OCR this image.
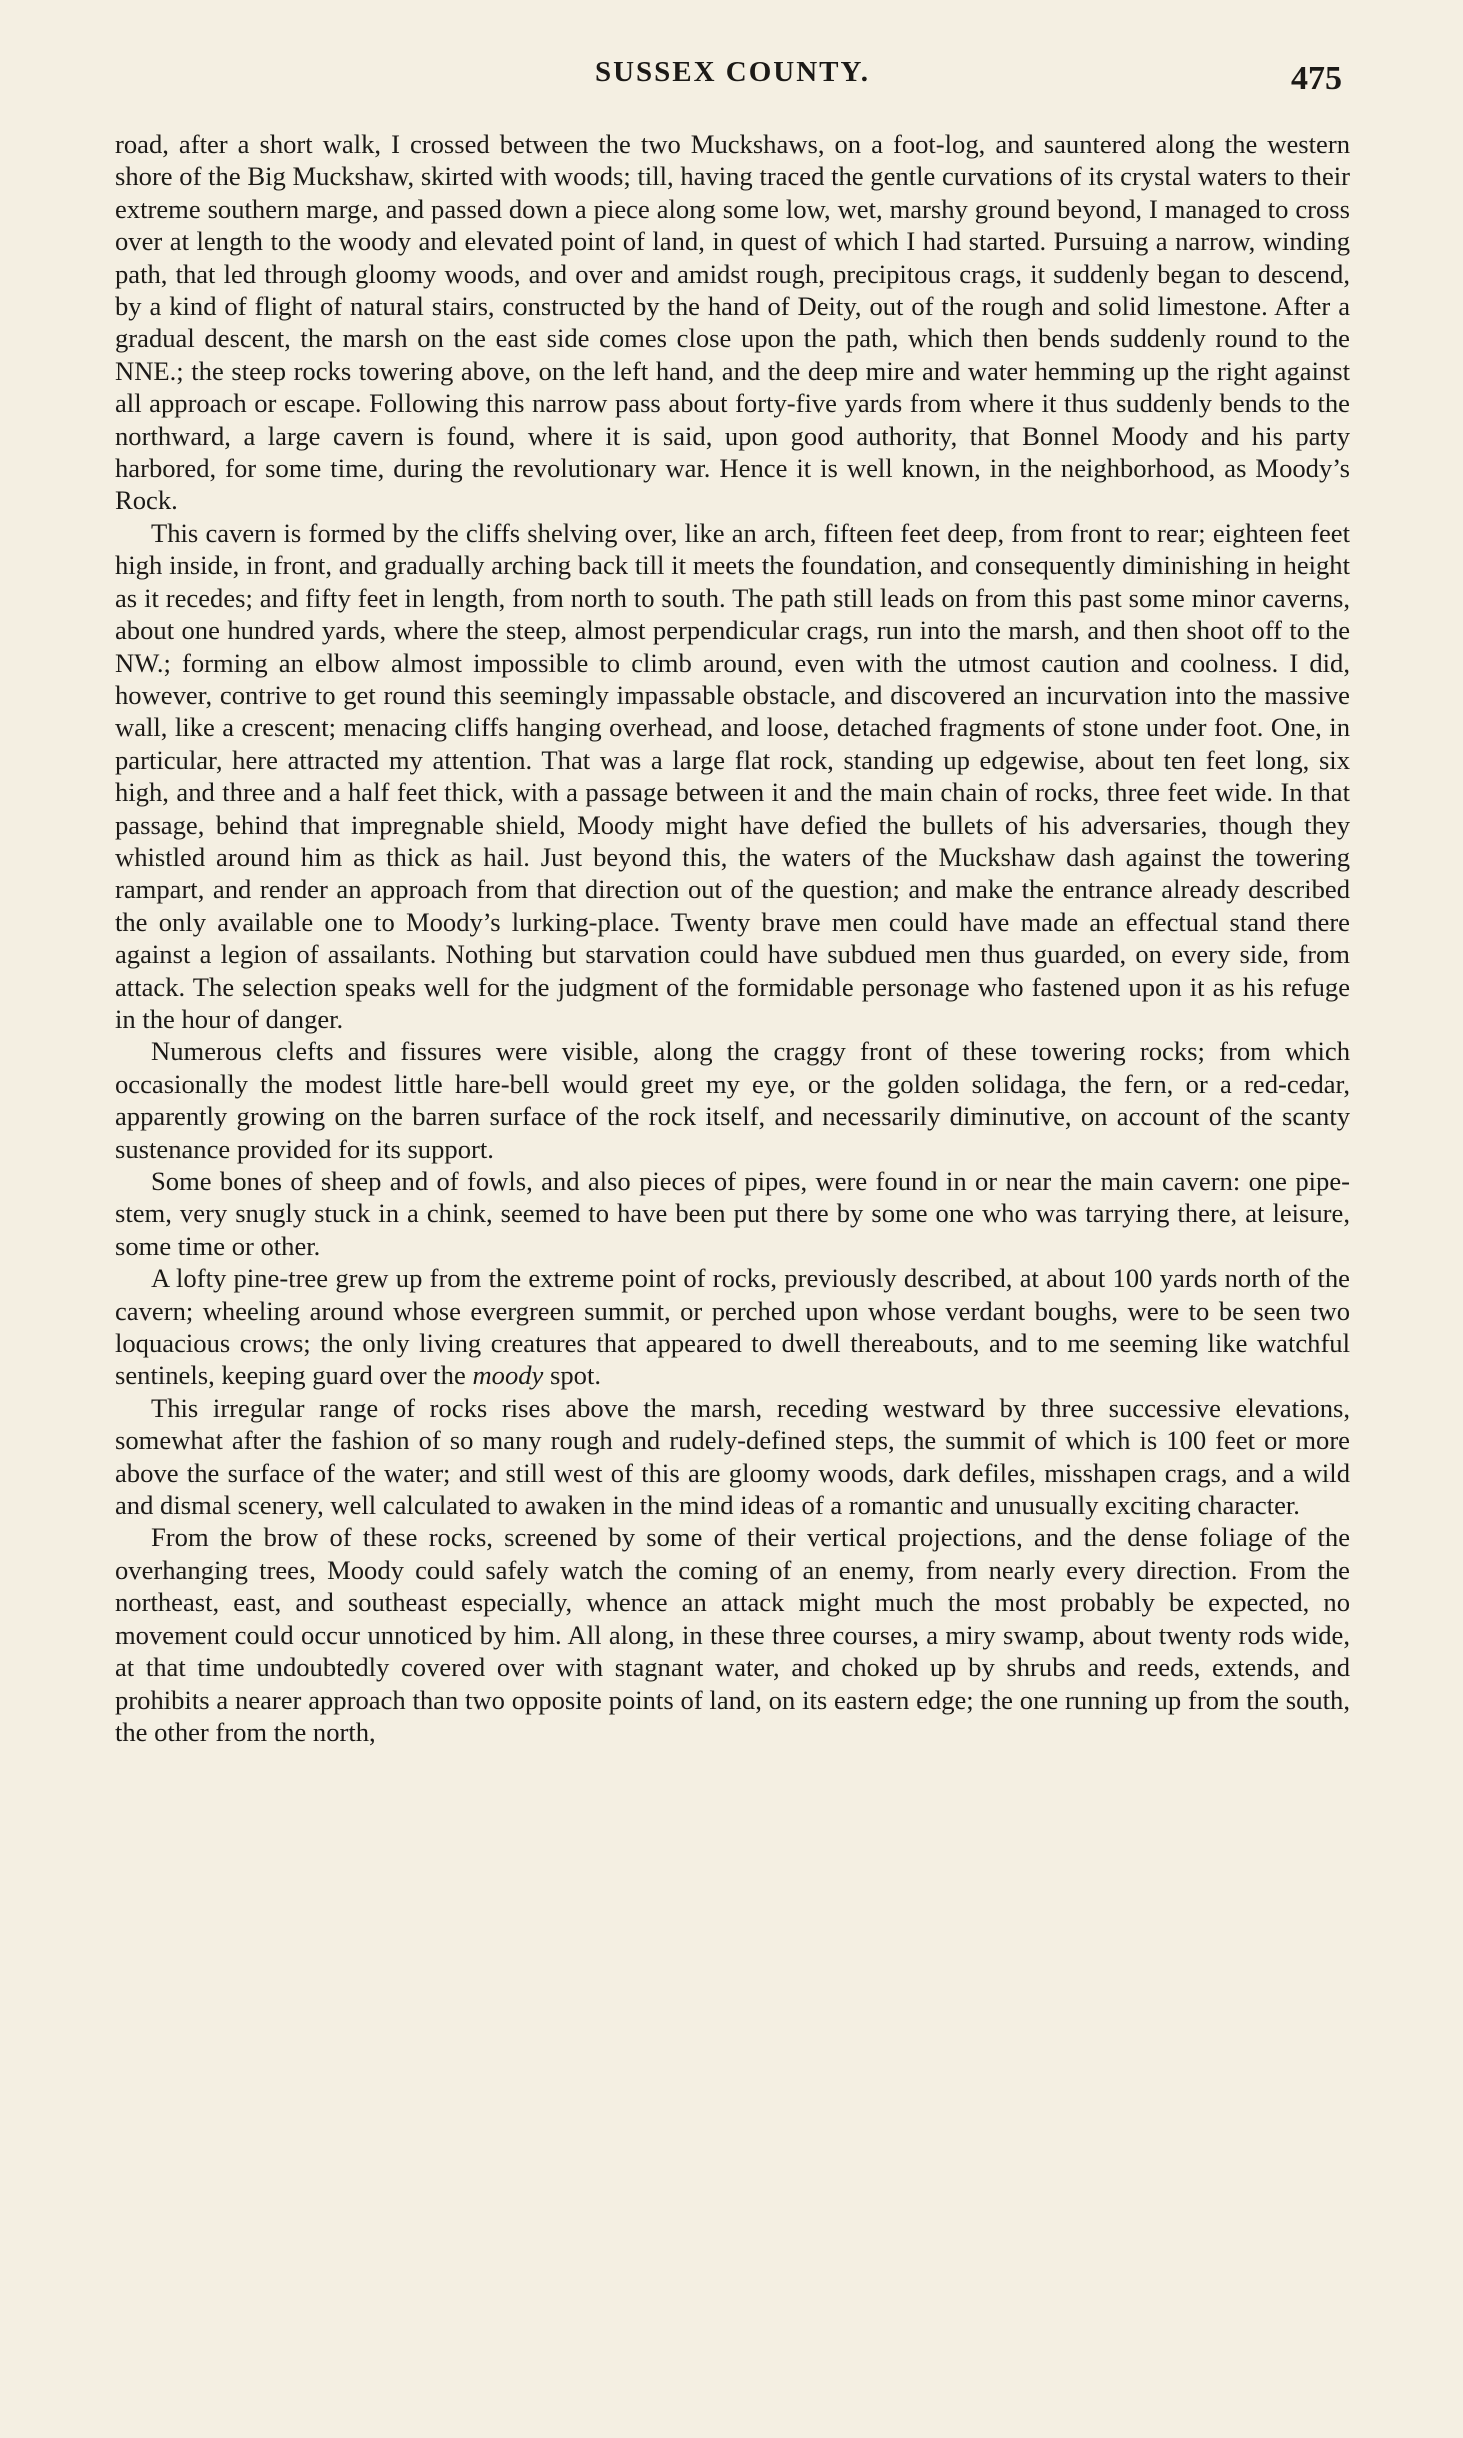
SUSSEX COUNTY.	475

road, after a short walk, I crossed between the two Muckshaws, on a foot-log, and sauntered along the western shore of the Big Muckshaw, skirted with woods; till, having traced the gentle curvations of its crystal waters to their extreme southern marge, and passed down a piece along some low, wet, marshy ground beyond, I managed to cross over at length to the woody and elevated point of land, in quest of which I had started. Pursuing a narrow, winding path, that led through gloomy woods, and over and amidst rough, precipitous crags, it suddenly began to descend, by a kind of flight of natural stairs, constructed by the hand of Deity, out of the rough and solid limestone. After a gradual descent, the marsh on the east side comes close upon the path, which then bends suddenly round to the NNE.; the steep rocks towering above, on the left hand, and the deep mire and water hemming up the right against all approach or escape. Following this narrow pass about forty-five yards from where it thus suddenly bends to the northward, a large cavern is found, where it is said, upon good authority, that Bonnel Moody and his party harbored, for some time, during the revolutionary war. Hence it is well known, in the neighborhood, as Moody’s Rock.

This cavern is formed by the cliffs shelving over, like an arch, fifteen feet deep, from front to rear; eighteen feet high inside, in front, and gradually arching back till it meets the foundation, and consequently diminishing in height as it recedes; and fifty feet in length, from north to south. The path still leads on from this past some minor caverns, about one hundred yards, where the steep, almost perpendicular crags, run into the marsh, and then shoot off to the NW.; forming an elbow almost impossible to climb around, even with the utmost caution and coolness. I did, however, contrive to get round this seemingly impassable obstacle, and discovered an incurvation into the massive wall, like a crescent; menacing cliffs hanging overhead, and loose, detached fragments of stone under foot. One, in particular, here attracted my attention. That was a large flat rock, standing up edgewise, about ten feet long, six high, and three and a half feet thick, with a passage between it and the main chain of rocks, three feet wide. In that passage, behind that impregnable shield, Moody might have defied the bullets of his adversaries, though they whistled around him as thick as hail. Just beyond this, the waters of the Muckshaw dash against the towering rampart, and render an approach from that direction out of the question; and make the entrance already described the only available one to Moody’s lurking-place. Twenty brave men could have made an effectual stand there against a legion of assailants. Nothing but starvation could have subdued men thus guarded, on every side, from attack. The selection speaks well for the judgment of the formidable personage who fastened upon it as his refuge in the hour of danger.

Numerous clefts and fissures were visible, along the craggy front of these towering rocks; from which occasionally the modest little hare-bell would greet my eye, or the golden solidaga, the fern, or a red-cedar, apparently growing on the barren surface of the rock itself, and necessarily diminutive, on account of the scanty sustenance provided for its support.

Some bones of sheep and of fowls, and also pieces of pipes, were found in or near the main cavern: one pipe-stem, very snugly stuck in a chink, seemed to have been put there by some one who was tarrying there, at leisure, some time or other.

A lofty pine-tree grew up from the extreme point of rocks, previously described, at about 100 yards north of the cavern; wheeling around whose evergreen summit, or perched upon whose verdant boughs, were to be seen two loquacious crows; the only living creatures that appeared to dwell thereabouts, and to me seeming like watchful sentinels, keeping guard over the moody spot.

This irregular range of rocks rises above the marsh, receding westward by three successive elevations, somewhat after the fashion of so many rough and rudely-defined steps, the summit of which is 100 feet or more above the surface of the water; and still west of this are gloomy woods, dark defiles, misshapen crags, and a wild and dismal scenery, well calculated to awaken in the mind ideas of a romantic and unusually exciting character.

From the brow of these rocks, screened by some of their vertical projections, and the dense foliage of the overhanging trees, Moody could safely watch the coming of an enemy, from nearly every direction. From the northeast, east, and southeast especially, whence an attack might much the most probably be expected, no movement could occur unnoticed by him. All along, in these three courses, a miry swamp, about twenty rods wide, at that time undoubtedly covered over with stagnant water, and choked up by shrubs and reeds, extends, and prohibits a nearer approach than two opposite points of land, on its eastern edge; the one running up from the south, the other from the north,
